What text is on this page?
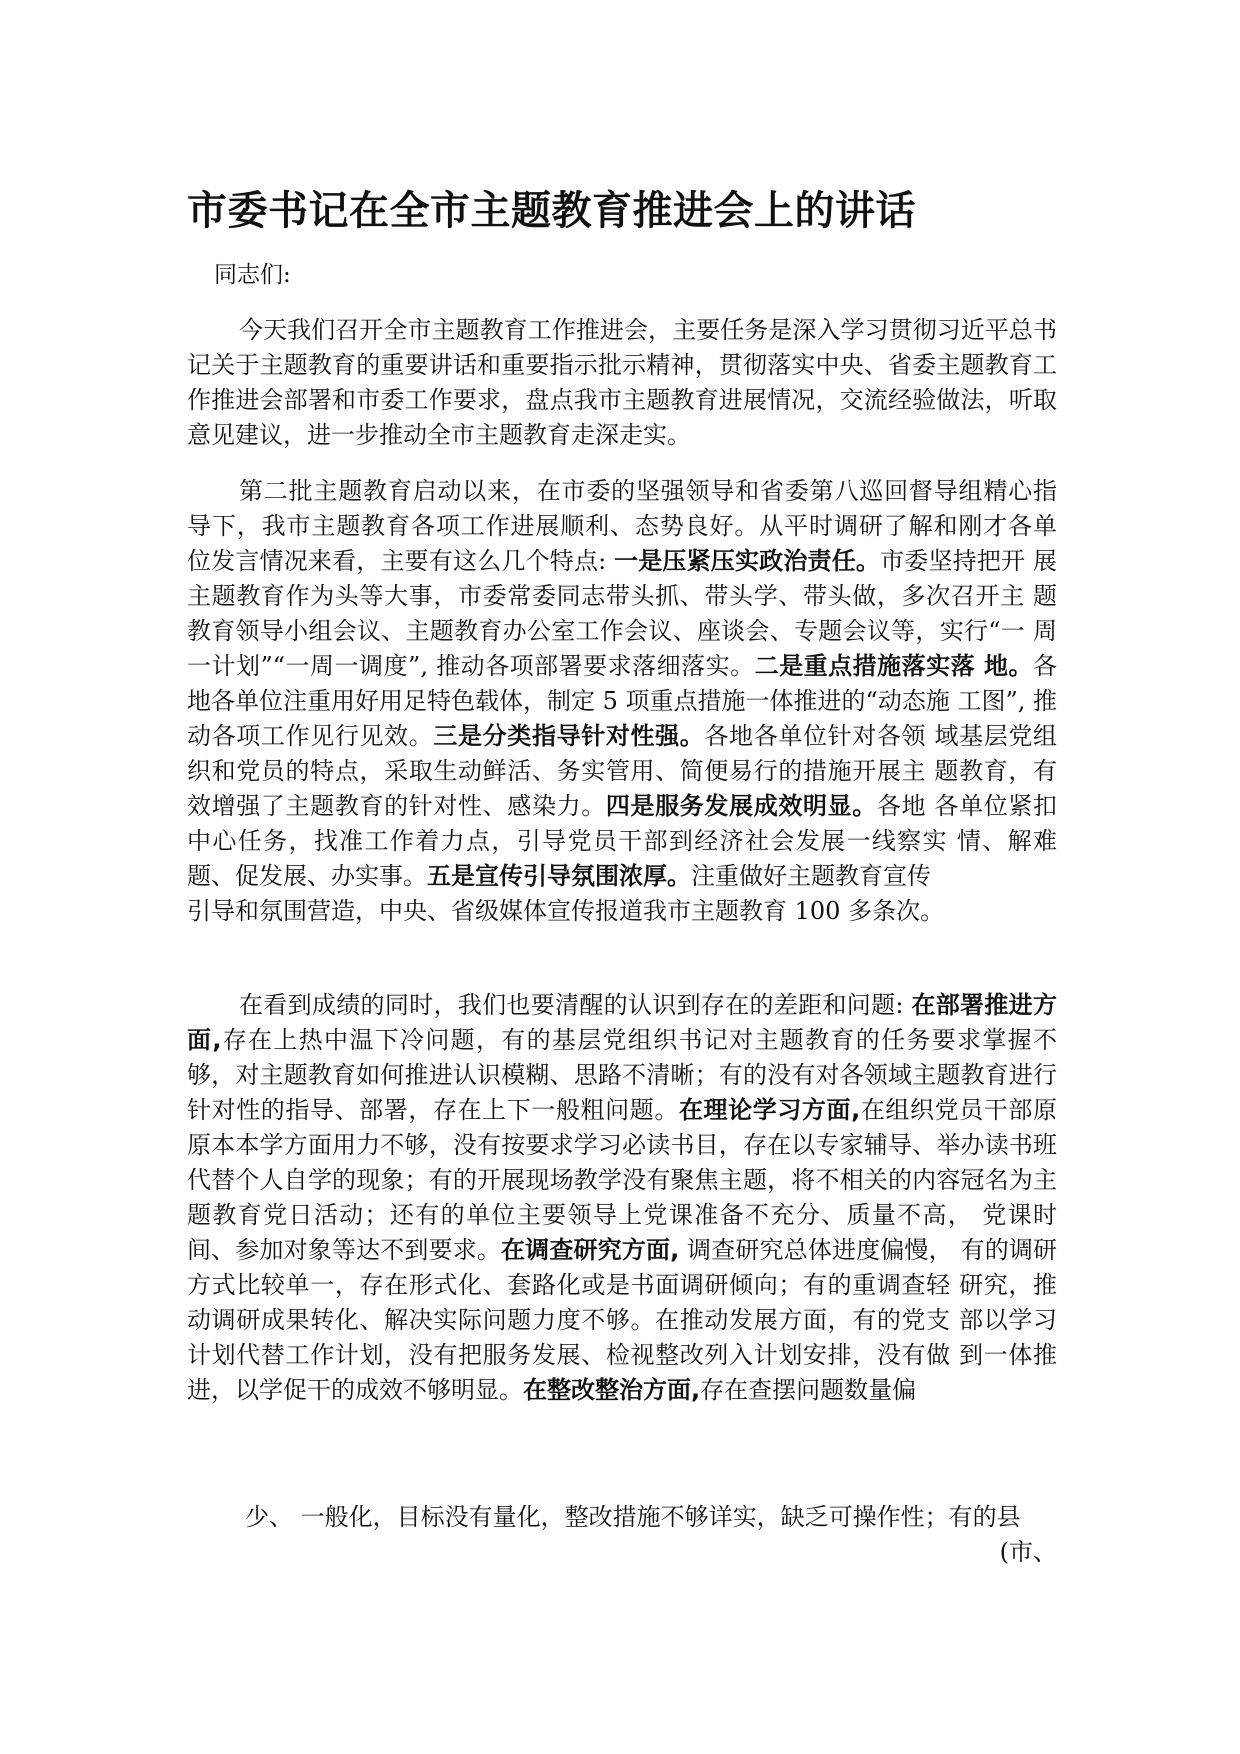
市委书记在全市主题教育推进会上的讲话

同志们:

今天我们召开全市主题教育工作推进会，主要任务是深入学习贯彻习近平总书记关于主题教育的重要讲话和重要指示批示精神，贯彻落实中央、省委主题教育工作推进会部署和市委工作要求，盘点我市主题教育进展情况，交流经验做法，听取意见建议，进一步推动全市主题教育走深走实。

第二批主题教育启动以来，在市委的坚强领导和省委第八巡回督导组精心指 导下，我市主题教育各项工作进展顺利、态势良好。从平时调研了解和刚才各单 位发言情况来看，主要有这么几个特点: 一是压紧压实政治责任。市委坚持把开 展主题教育作为头等大事，市委常委同志带头抓、带头学、带头做，多次召开主 题教育领导小组会议、主题教育办公室工作会议、座谈会、专题会议等，实行“一 周一计划”“一周一调度”, 推动各项部署要求落细落实。二是重点措施落实落 地。各地各单位注重用好用足特色载体，制定 5 项重点措施一体推进的“动态施 工图”, 推动各项工作见行见效。三是分类指导针对性强。各地各单位针对各领 域基层党组织和党员的特点，采取生动鲜活、务实管用、简便易行的措施开展主 题教育，有效增强了主题教育的针对性、感染力。四是服务发展成效明显。各地 各单位紧扣中心任务，找准工作着力点，引导党员干部到经济社会发展一线察实 情、解难题、促发展、办实事。五是宣传引导氛围浓厚。注重做好主题教育宣传
引导和氛围营造，中央、省级媒体宣传报道我市主题教育 100 多条次。

在看到成绩的同时，我们也要清醒的认识到存在的差距和问题: 在部署推进方面,存在上热中温下冷问题，有的基层党组织书记对主题教育的任务要求掌握不够，对主题教育如何推进认识模糊、思路不清晰；有的没有对各领域主题教育进行针对性的指导、部署，存在上下一般粗问题。在理论学习方面,在组织党员干部原原本本学方面用力不够，没有按要求学习必读书目，存在以专家辅导、举办读书班代替个人自学的现象；有的开展现场教学没有聚焦主题，将不相关的内容冠名为主题教育党日活动；还有的单位主要领导上党课准备不充分、质量不高， 党课时间、参加对象等达不到要求。在调查研究方面, 调查研究总体进度偏慢， 有的调研方式比较单一，存在形式化、套路化或是书面调研倾向；有的重调查轻 研究，推动调研成果转化、解决实际问题力度不够。在推动发展方面，有的党支 部以学习计划代替工作计划，没有把服务发展、检视整改列入计划安排，没有做 到一体推进，以学促干的成效不够明显。在整改整治方面,存在查摆问题数量偏

少、 一般化，目标没有量化，整改措施不够详实，缺乏可操作性；有的县

(市、
